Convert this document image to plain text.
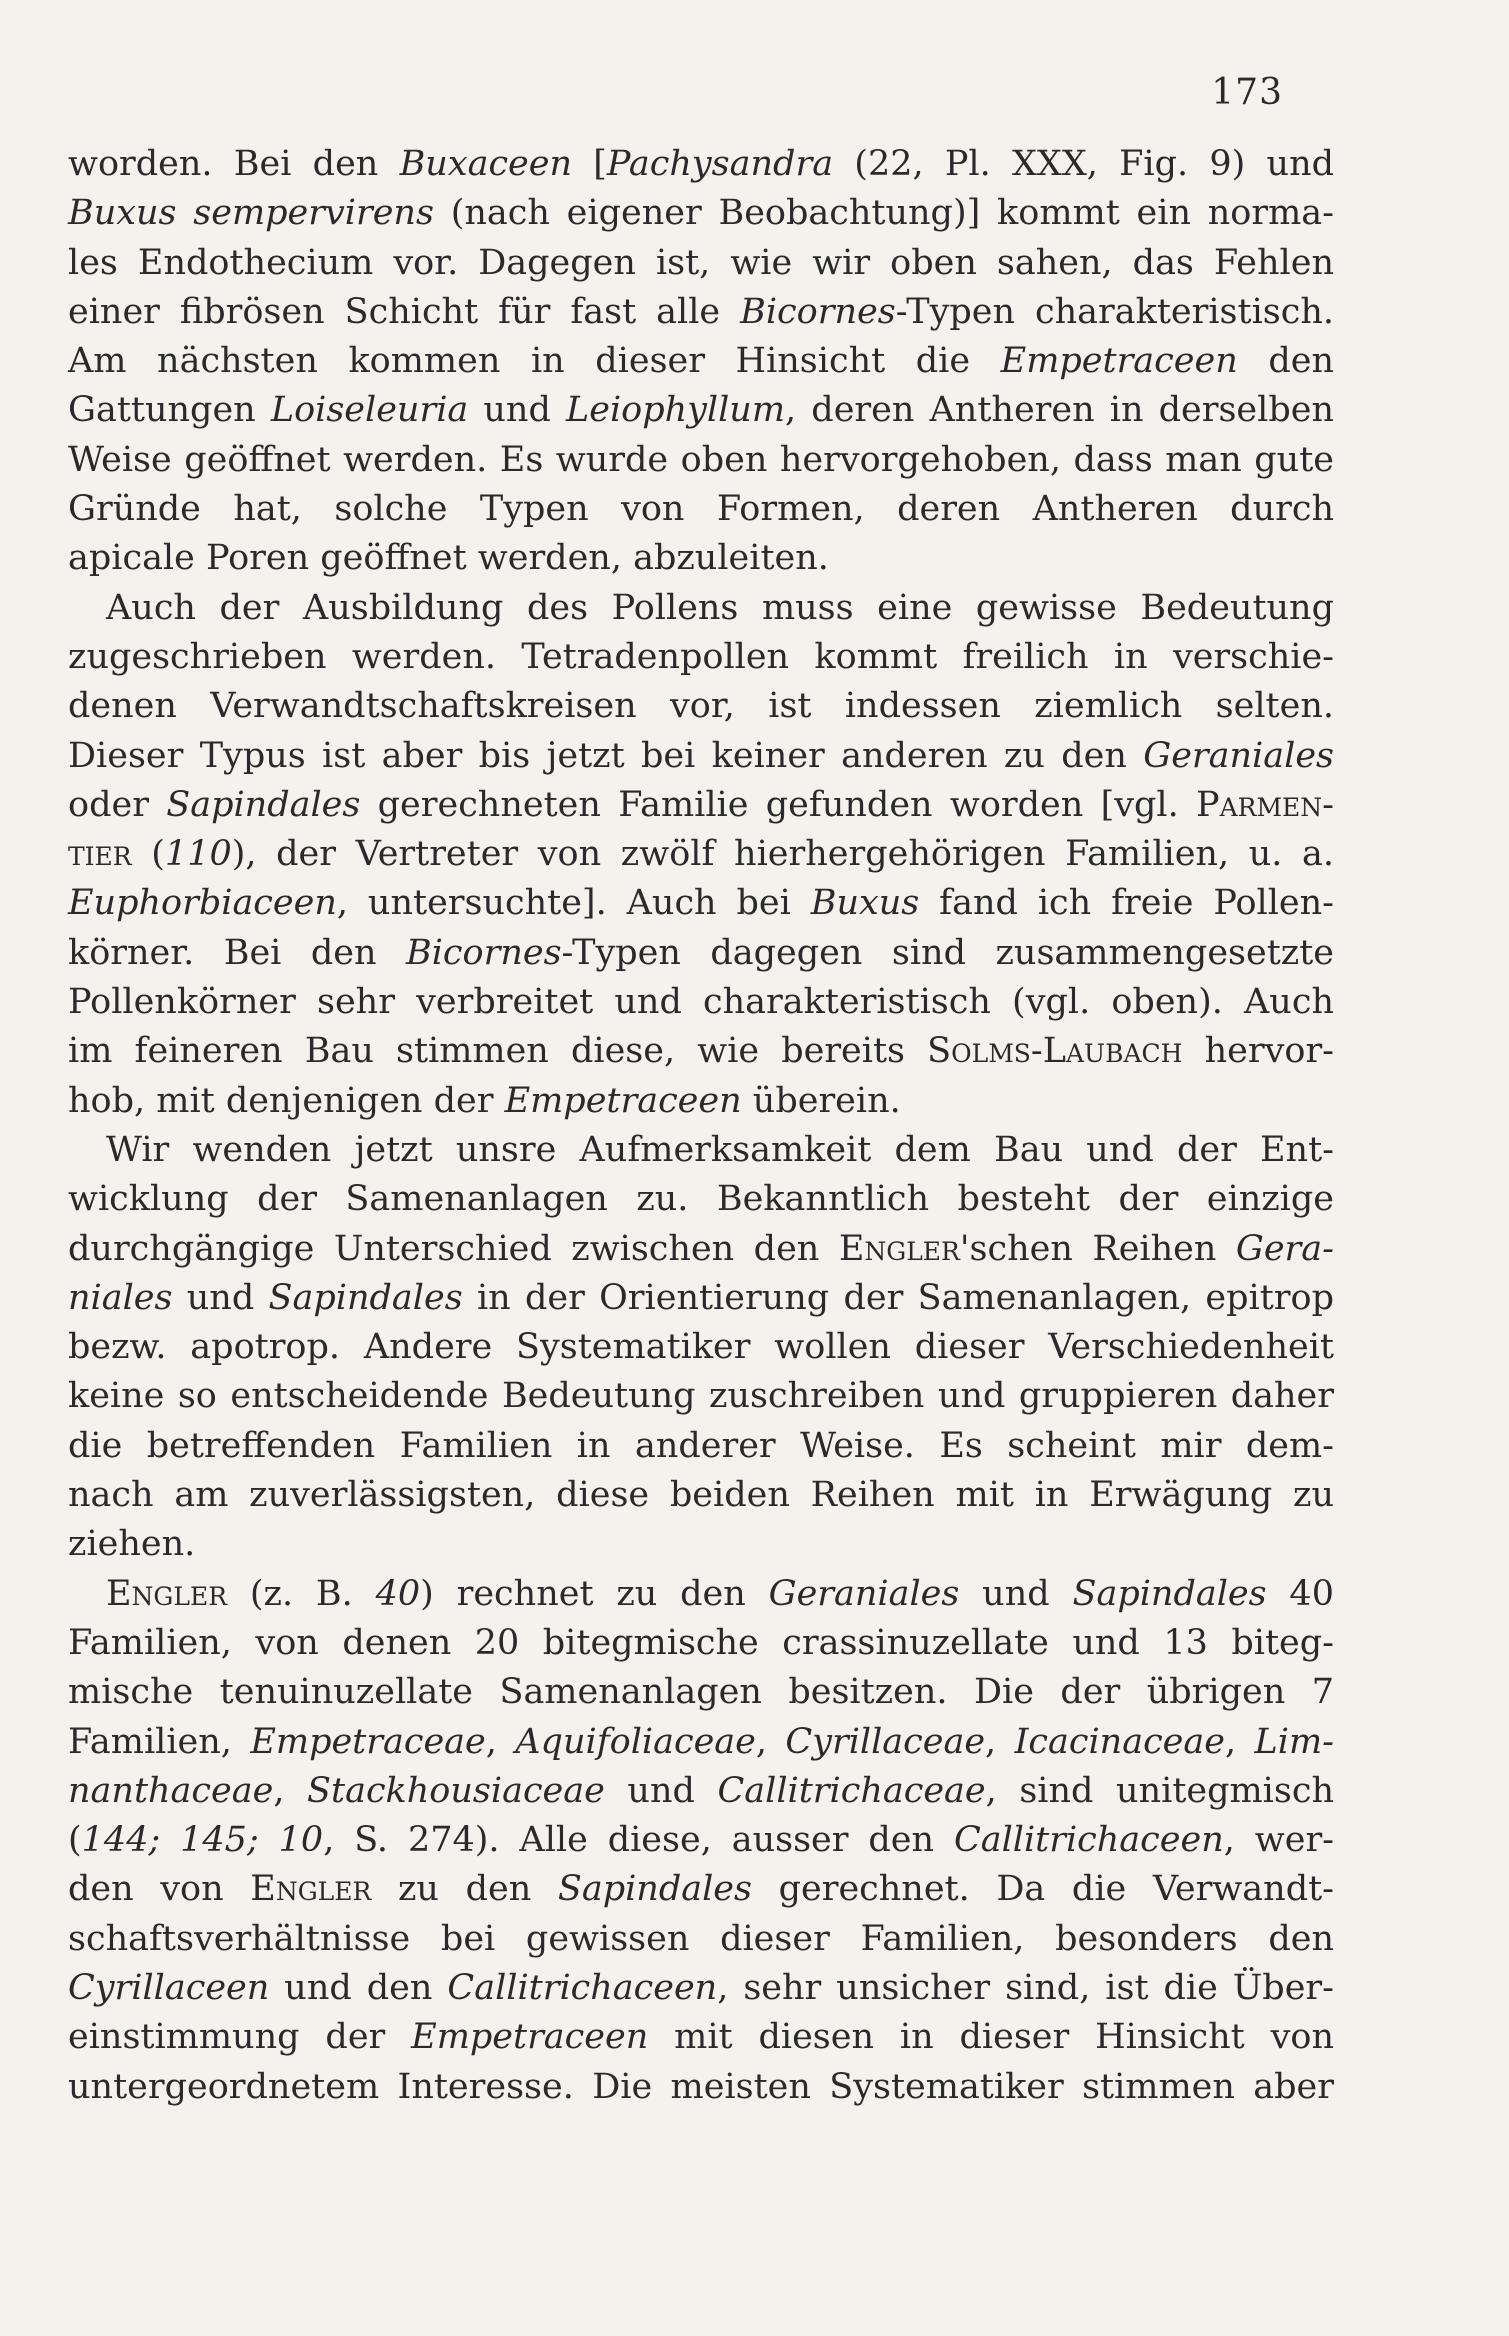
173
worden. Bei den Buxaceen [Pachysandra (22, Pl. XXX, Fig. 9) und
Buxus sempervirens (nach eigener Beobachtung)] kommt ein norma-
les Endothecium vor. Dagegen ist, wie wir oben sahen, das Fehlen
einer fibrösen Schicht für fast alle Bicornes-Typen charakteristisch.
Am nächsten kommen in dieser Hinsicht die Empetraceen den
Gattungen Loiseleuria und Leiophyllum, deren Antheren in derselben
Weise geöffnet werden. Es wurde oben hervorgehoben, dass man gute
Gründe hat, solche Typen von Formen, deren Antheren durch
apicale Poren geöffnet werden, abzuleiten.
Auch der Ausbildung des Pollens muss eine gewisse Bedeutung
zugeschrieben werden. Tetradenpollen kommt freilich in verschie-
denen Verwandtschaftskreisen vor, ist indessen ziemlich selten.
Dieser Typus ist aber bis jetzt bei keiner anderen zu den Geraniales
oder Sapindales gerechneten Familie gefunden worden [vgl. Parmen-
tier (110), der Vertreter von zwölf hierhergehörigen Familien, u. a.
Euphorbiaceen, untersuchte]. Auch bei Buxus fand ich freie Pollen-
körner. Bei den Bicornes-Typen dagegen sind zusammengesetzte
Pollenkörner sehr verbreitet und charakteristisch (vgl. oben). Auch
im feineren Bau stimmen diese, wie bereits Solms-Laubach hervor-
hob, mit denjenigen der Empetraceen überein.
Wir wenden jetzt unsre Aufmerksamkeit dem Bau und der Ent-
wicklung der Samenanlagen zu. Bekanntlich besteht der einzige
durchgängige Unterschied zwischen den Engler'schen Reihen Gera-
niales und Sapindales in der Orientierung der Samenanlagen, epitrop
bezw. apotrop. Andere Systematiker wollen dieser Verschiedenheit
keine so entscheidende Bedeutung zuschreiben und gruppieren daher
die betreffenden Familien in anderer Weise. Es scheint mir dem-
nach am zuverlässigsten, diese beiden Reihen mit in Erwägung zu
ziehen.
Engler (z. B. 40) rechnet zu den Geraniales und Sapindales 40
Familien, von denen 20 bitegmische crassinuzellate und 13 biteg-
mische tenuinuzellate Samenanlagen besitzen. Die der übrigen 7
Familien, Empetraceae, Aquifoliaceae, Cyrillaceae, Icacinaceae, Lim-
nanthaceae, Stackhousiaceae und Callitrichaceae, sind unitegmisch
(144; 145; 10, S. 274). Alle diese, ausser den Callitrichaceen, wer-
den von Engler zu den Sapindales gerechnet. Da die Verwandt-
schaftsverhältnisse bei gewissen dieser Familien, besonders den
Cyrillaceen und den Callitrichaceen, sehr unsicher sind, ist die Über-
einstimmung der Empetraceen mit diesen in dieser Hinsicht von
untergeordnetem Interesse. Die meisten Systematiker stimmen aber
